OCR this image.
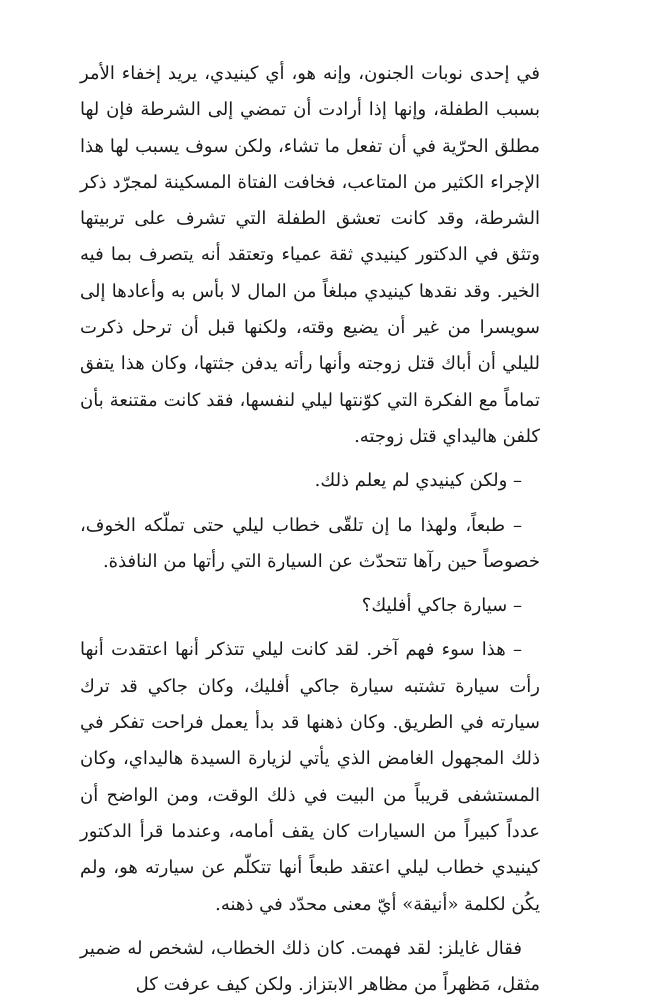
في إحدى نوبات الجنون، وإنه هو، أي كينيدي، يريد إخفاء الأمر بسبب الطفلة، وإنها إذا أرادت أن تمضي إلى الشرطة فإن لها مطلق الحرّية في أن تفعل ما تشاء، ولكن سوف يسبب لها هذا الإجراء الكثير من المتاعب، فخافت الفتاة المسكينة لمجرّد ذكر الشرطة، وقد كانت تعشق الطفلة التي تشرف على تربيتها وتثق في الدكتور كينيدي ثقة عمياء وتعتقد أنه يتصرف بما فيه الخير. وقد نقدها كينيدي مبلغاً من المال لا بأس به وأعادها إلى سويسرا من غير أن يضيع وقته، ولكنها قبل أن ترحل ذكرت لليلي أن أباك قتل زوجته وأنها رأته يدفن جثتها، وكان هذا يتفق تماماً مع الفكرة التي كوّنتها ليلي لنفسها، فقد كانت مقتنعة بأن كلفن هاليداي قتل زوجته.

– ولكن كينيدي لم يعلم ذلك.

– طبعاً، ولهذا ما إن تلقّى خطاب ليلي حتى تملّكه الخوف، خصوصاً حين رآها تتحدّث عن السيارة التي رأتها من النافذة.

– سيارة جاكي أفليك؟

– هذا سوء فهم آخر. لقد كانت ليلي تتذكر أنها اعتقدت أنها رأت سيارة تشتبه سيارة جاكي أفليك، وكان جاكي قد ترك سيارته في الطريق. وكان ذهنها قد بدأ يعمل فراحت تفكر في ذلك المجهول الغامض الذي يأتي لزيارة السيدة هاليداي، وكان المستشفى قريباً من البيت في ذلك الوقت، ومن الواضح أن عدداً كبيراً من السيارات كان يقف أمامه، وعندما قرأ الدكتور كينيدي خطاب ليلي اعتقد طبعاً أنها تتكلّم عن سيارته هو، ولم يكُن لكلمة «أنيقة» أيّ معنى محدّد في ذهنه.

فقال غايلز: لقد فهمت. كان ذلك الخطاب، لشخص له ضمير مثقل، مَظهراً من مظاهر الابتزاز. ولكن كيف عرفت كل
